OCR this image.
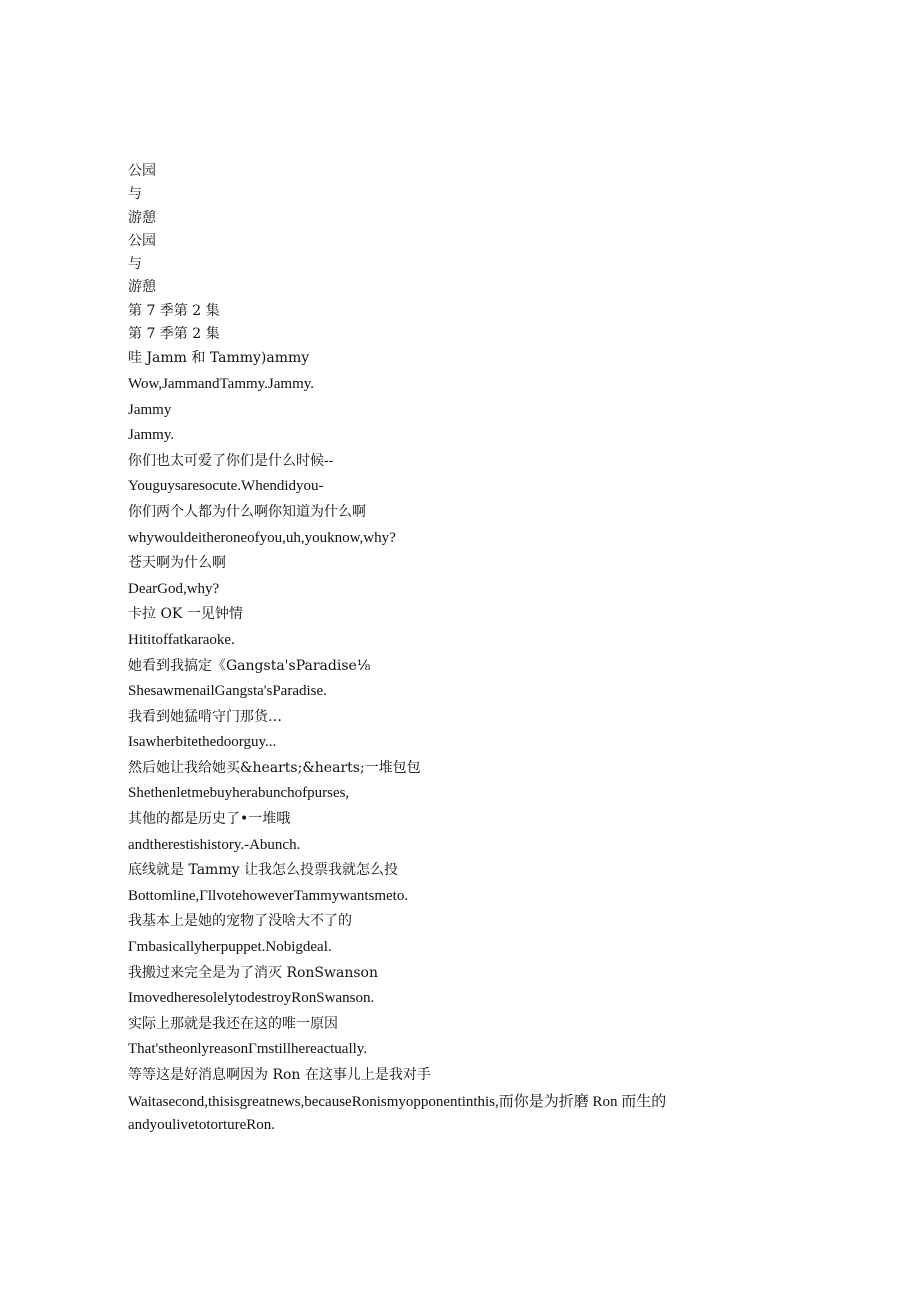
公园
与
游憩
公园
与
游憩
第 7 季第 2 集
第 7 季第 2 集
哇 Jamm 和 Tammy)ammy
Wow,JammandTammy.Jammy.
Jammy
Jammy.
你们也太可爱了你们是什么时候--
Youguysaresocute.Whendidyou-
你们两个人都为什么啊你知道为什么啊
whywouldeitheroneofyou,uh,youknow,why?
苍天啊为什么啊
DearGod,why?
卡拉 OK 一见钟情
Hititoffatkaraoke.
她看到我搞定《Gangsta'sParadise⅛
ShesawmenailGangsta'sParadise.
我看到她猛啃守门那货…
Isawherbitethedoorguy...
然后她让我给她买&hearts;&hearts;一堆包包
Shethenletmebuyherabunchofpurses,
其他的都是历史了•一堆哦
andtherestishistory.-Abunch.
底线就是 Tammy 让我怎么投票我就怎么投
Bottomline,ΓllvotehoweverTammywantsmeto.
我基本上是她的宠物了没啥大不了的
Γmbasicallyherpuppet.Nobigdeal.
我搬过来完全是为了消灭 RonSwanson
ImovedheresolelytodestroyRonSwanson.
实际上那就是我还在这的唯一原因
That'stheonlyreasonΓmstillhereactually.
等等这是好消息啊因为 Ron 在这事儿上是我对手
Waitasecond,thisisgreatnews,becauseRonismyopponentinthis,而你是为折磨 Ron 而生的
andyoulivetotortureRon.
